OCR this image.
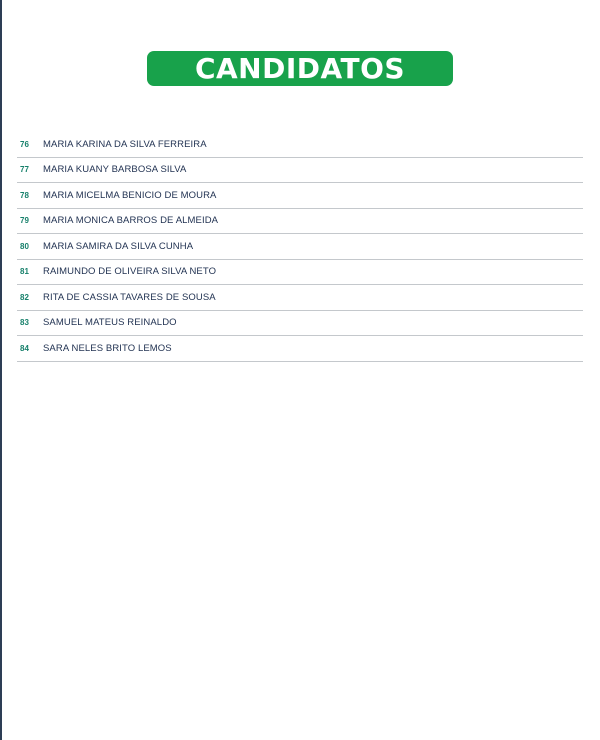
CANDIDATOS
76	MARIA KARINA DA SILVA FERREIRA
77	MARIA KUANY BARBOSA SILVA
78	MARIA MICELMA BENICIO DE MOURA
79	MARIA MONICA BARROS DE ALMEIDA
80	MARIA SAMIRA DA SILVA CUNHA
81	RAIMUNDO DE OLIVEIRA SILVA NETO
82	RITA DE CASSIA TAVARES DE SOUSA
83	SAMUEL MATEUS REINALDO
84	SARA NELES BRITO LEMOS
